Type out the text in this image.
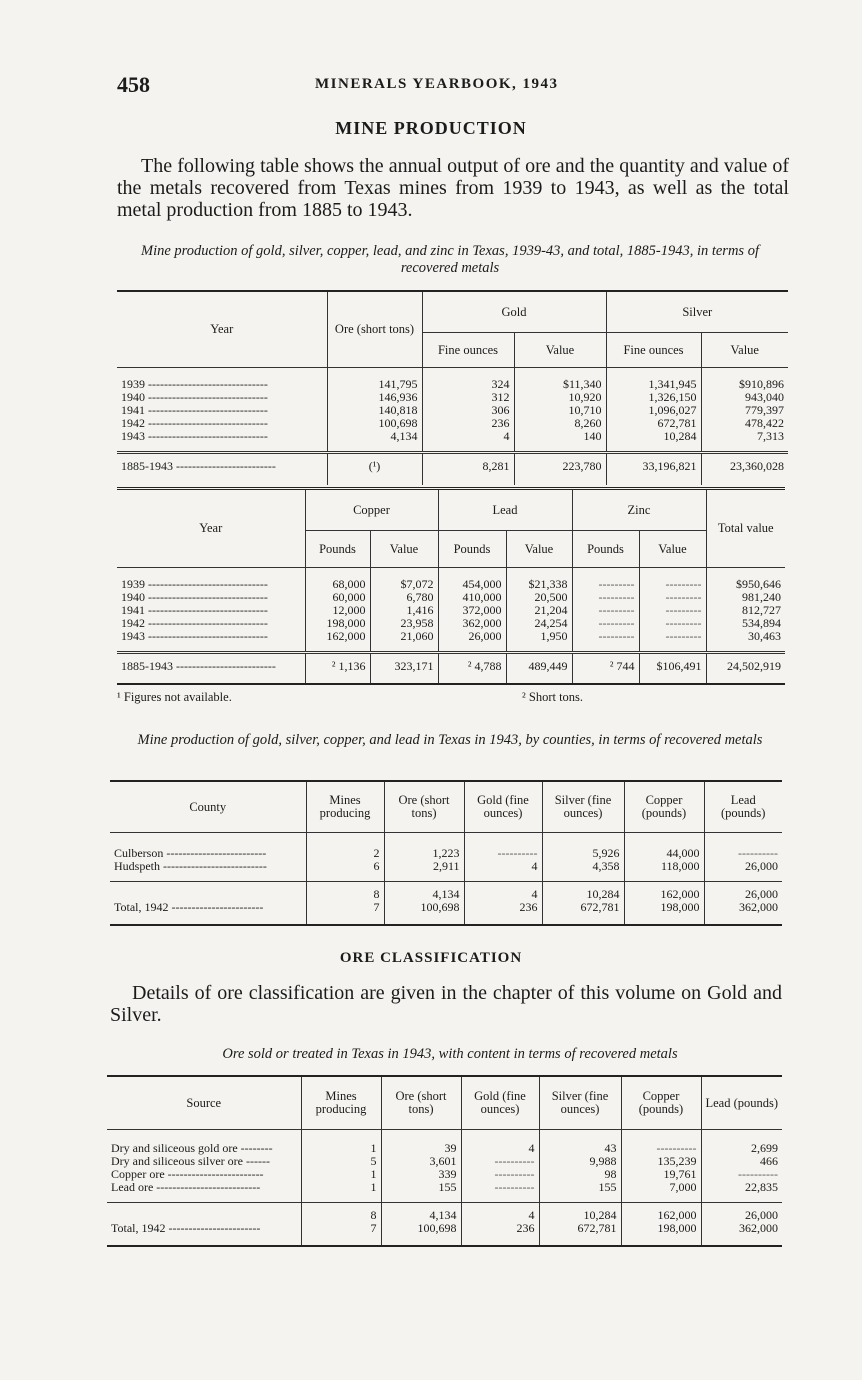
458	MINERALS YEARBOOK, 1943
MINE PRODUCTION

The following table shows the annual output of ore and the quantity and value of the metals recovered from Texas mines from 1939 to 1943, as well as the total metal production from 1885 to 1943.

Mine production of gold, silver, copper, lead, and zinc in Texas, 1939-43, and total, 1885-1943, in terms of recovered metals
Year	Ore (short tons)	Gold		Silver	
		Fine ounces	Value	Fine ounces	Value

1939 ------------------------------	141,795	324	$11,340	1,341,945	$910,896
1940 ------------------------------	146,936	312	10,920	1,326,150	943,040
1941 ------------------------------	140,818	306	10,710	1,096,027	779,397
1942 ------------------------------	100,698	236	8,260	672,781	478,422
1943 ------------------------------	4,134	4	140	10,284	7,313
1885-1943 -------------------------	(¹)	8,281	223,780	33,196,821	23,360,028
Year	Copper		Lead		Zinc		Total value
	Pounds	Value	Pounds	Value	Pounds	Value	

1939 ------------------------------	68,000	$7,072	454,000	$21,338	---------	---------	$950,646
1940 ------------------------------	60,000	6,780	410,000	20,500	---------	---------	981,240
1941 ------------------------------	12,000	1,416	372,000	21,204	---------	---------	812,727
1942 ------------------------------	198,000	23,958	362,000	24,254	---------	---------	534,894
1943 ------------------------------	162,000	21,060	26,000	1,950	---------	---------	30,463
1885-1943 -------------------------	² 1,136	323,171	² 4,788	489,449	² 744	$106,491	24,502,919
¹ Figures not available.	² Short tons.
Mine production of gold, silver, copper, and lead in Texas in 1943, by counties, in terms of recovered metals
County	Mines producing	Ore (short tons)	Gold (fine ounces)	Silver (fine ounces)	Copper (pounds)	Lead (pounds)

Culberson -------------------------	2	1,223	----------	5,926	44,000	----------
Hudspeth --------------------------	6	2,911	4	4,358	118,000	26,000
	8	4,134	4	10,284	162,000	26,000
Total, 1942 -----------------------	7	100,698	236	672,781	198,000	362,000
ORE CLASSIFICATION

Details of ore classification are given in the chapter of this volume on Gold and Silver.

Ore sold or treated in Texas in 1943, with content in terms of recovered metals
Source	Mines producing	Ore (short tons)	Gold (fine ounces)	Silver (fine ounces)	Copper (pounds)	Lead (pounds)

Dry and siliceous gold ore --------	1	39	4	43	----------	2,699
Dry and siliceous silver ore ------	5	3,601	----------	9,988	135,239	466
Copper ore ------------------------	1	339	----------	98	19,761	----------
Lead ore --------------------------	1	155	----------	155	7,000	22,835
	8	4,134	4	10,284	162,000	26,000
Total, 1942 -----------------------	7	100,698	236	672,781	198,000	362,000
